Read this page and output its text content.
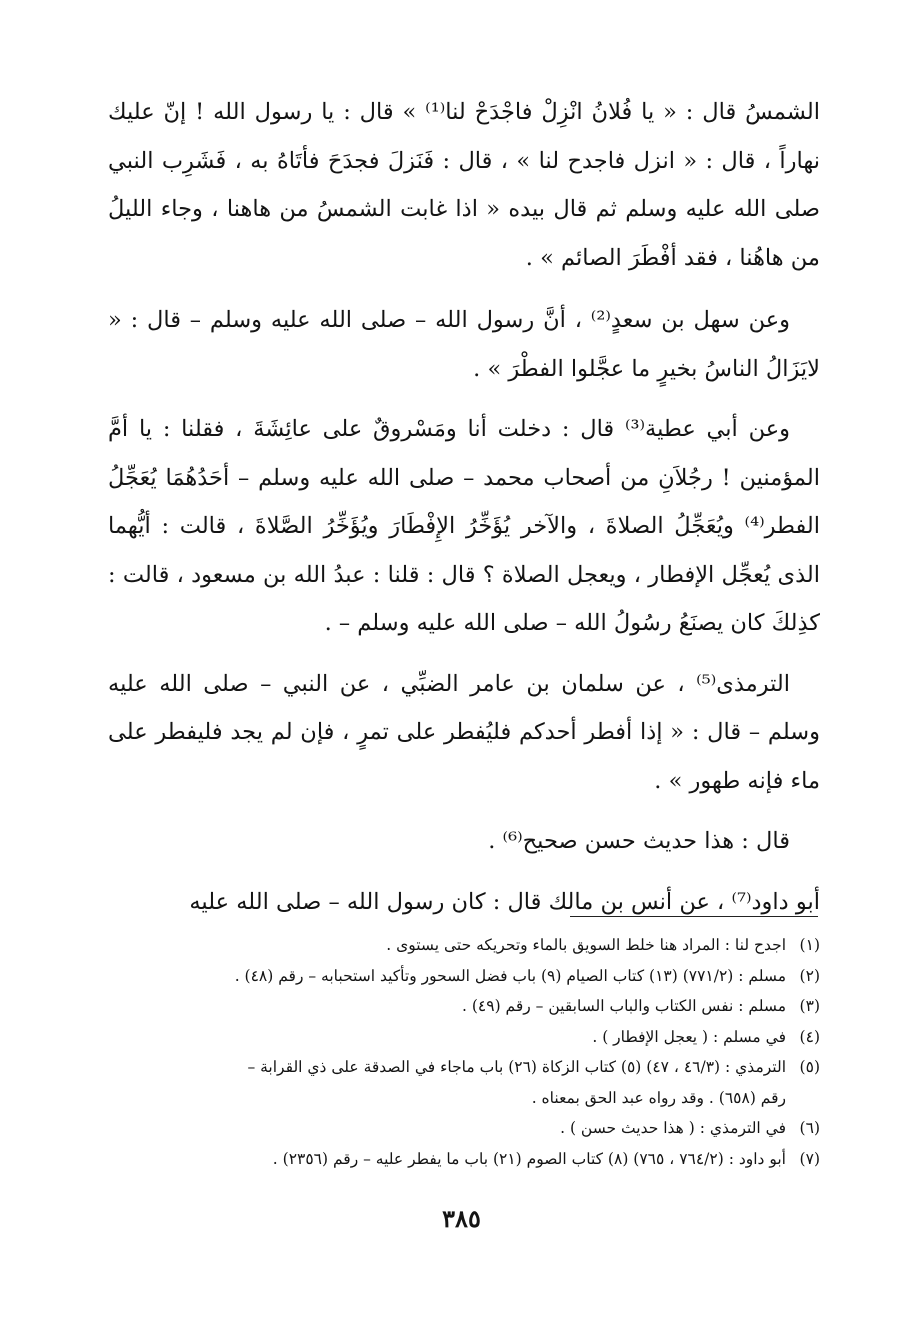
الشمسُ قال : « يا فُلانُ انْزِلْ فاجْدَحْ لنا⁽¹⁾ » قال : يا رسول الله ! إنّ عليك نهاراً ، قال : « انزل فاجدح لنا » ، قال : فَنَزلَ فجدَحَ فأتَاهُ به ، فَشَرِب النبي صلى الله عليه وسلم ثم قال بيده « اذا غابت الشمسُ من هاهنا ، وجاء الليلُ من هاهُنا ، فقد أفْطَرَ الصائم » .

وعن سهل بن سعدٍ⁽²⁾ ، أنَّ رسول الله – صلى الله عليه وسلم – قال : « لايَزَالُ الناسُ بخيرٍ ما عجَّلوا الفطْرَ » .

وعن أبي عطية⁽³⁾ قال : دخلت أنا ومَسْروقٌ على عائِشَةَ ، فقلنا : يا أمَّ المؤمنين ! رجُلاَنِ من أصحاب محمد – صلى الله عليه وسلم – أحَدُهُمَا يُعَجِّلُ الفطر⁽⁴⁾ ويُعَجِّلُ الصلاةَ ، والآخر يُؤَخِّرُ الإِفْطَارَ ويُؤَخِّرُ الصَّلاةَ ، قالت : أيُّهما الذى يُعجِّل الإفطار ، ويعجل الصلاة ؟ قال : قلنا : عبدُ الله بن مسعود ، قالت : كذِلكَ كان يصنَعُ رسُولُ الله – صلى الله عليه وسلم – .

الترمذى⁽⁵⁾ ، عن سلمان بن عامر الضبِّي ، عن النبي – صلى الله عليه وسلم – قال : « إذا أفطر أحدكم فليُفطر على تمرٍ ، فإن لم يجد فليفطر على ماء فإنه طهور » .

قال : هذا حديث حسن صحيح⁽⁶⁾ .

أبو داود⁽⁷⁾ ، عن أنس بن مالك قال : كان رسول الله – صلى الله عليه

(١)
اجدح لنا : المراد هنا خلط السويق بالماء وتحريكه حتى يستوى .
(٢)
مسلم : (٧٧١/٢) (١٣) كتاب الصيام (٩) باب فضل السحور وتأكيد استحبابه – رقم (٤٨) .
(٣)
مسلم : نفس الكتاب والباب السابقين – رقم (٤٩) .
(٤)
في مسلم : ( يعجل الإفطار ) .
(٥)
الترمذي : (٤٦/٣ ، ٤٧) (٥) كتاب الزكاة (٢٦) باب ماجاء في الصدقة على ذي القرابة –
رقم (٦٥٨) . وقد رواه عبد الحق بمعناه .
(٦)
في الترمذي : ( هذا حديث حسن ) .
(٧)
أبو داود : (٧٦٤/٢ ، ٧٦٥) (٨) كتاب الصوم (٢١) باب ما يفطر عليه – رقم (٢٣٥٦) .
٣٨٥
